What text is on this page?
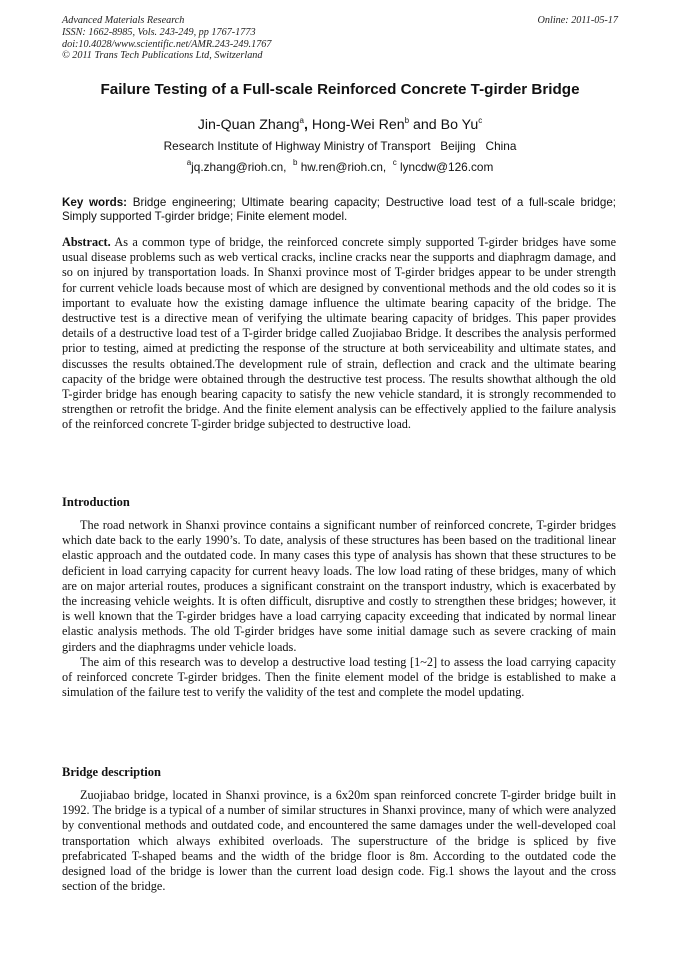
Advanced Materials Research
ISSN: 1662-8985, Vols. 243-249, pp 1767-1773
doi:10.4028/www.scientific.net/AMR.243-249.1767
© 2011 Trans Tech Publications Ltd, Switzerland
Online: 2011-05-17
Failure Testing of a Full-scale Reinforced Concrete T-girder Bridge
Jin-Quan Zhang$^a$, Hong-Wei Ren$^b$ and Bo Yu$^c$
Research Institute of Highway Ministry of Transport   Beijing   China
$^a$jq.zhang@rioh.cn, $^b$ hw.ren@rioh.cn, $^c$ lyncdw@126.com
Key words: Bridge engineering; Ultimate bearing capacity; Destructive load test of a full-scale bridge; Simply supported T-girder bridge; Finite element model.
Abstract. As a common type of bridge, the reinforced concrete simply supported T-girder bridges have some usual disease problems such as web vertical cracks, incline cracks near the supports and diaphragm damage, and so on injured by transportation loads. In Shanxi province most of T-girder bridges appear to be under strength for current vehicle loads because most of which are designed by conventional methods and the old codes so it is important to evaluate how the existing damage influence the ultimate bearing capacity of the bridge. The destructive test is a directive mean of verifying the ultimate bearing capacity of bridges. This paper provides details of a destructive load test of a T-girder bridge called Zuojiabao Bridge. It describes the analysis performed prior to testing, aimed at predicting the response of the structure at both serviceability and ultimate states, and discusses the results obtained.The development rule of strain, deflection and crack and the ultimate bearing capacity of the bridge were obtained through the destructive test process. The results showthat although the old T-girder bridge has enough bearing capacity to satisfy the new vehicle standard, it is strongly recommended to strengthen or retrofit the bridge. And the finite element analysis can be effectively applied to the failure analysis of the reinforced concrete T-girder bridge subjected to destructive load.
Introduction

The road network in Shanxi province contains a significant number of reinforced concrete, T-girder bridges which date back to the early 1990’s. To date, analysis of these structures has been based on the traditional linear elastic approach and the outdated code. In many cases this type of analysis has shown that these structures to be deficient in load carrying capacity for current heavy loads. The low load rating of these bridges, many of which are on major arterial routes, produces a significant constraint on the transport industry, which is exacerbated by the increasing vehicle weights. It is often difficult, disruptive and costly to strengthen these bridges; however, it is well known that the T-girder bridges have a load carrying capacity exceeding that indicated by normal linear elastic analysis methods. The old T-girder bridges have some initial damage such as severe cracking of main girders and the diaphragms under vehicle loads.

The aim of this research was to develop a destructive load testing [1~2] to assess the load carrying capacity of reinforced concrete T-girder bridges. Then the finite element model of the bridge is established to make a simulation of the failure test to verify the validity of the test and complete the model updating.

Bridge description

Zuojiabao bridge, located in Shanxi province, is a 6x20m span reinforced concrete T-girder bridge built in 1992. The bridge is a typical of a number of similar structures in Shanxi province, many of which were analyzed by conventional methods and outdated code, and encountered the same damages under the well-developed coal transportation which always exhibited overloads. The superstructure of the bridge is spliced by five prefabricated T-shaped beams and the width of the bridge floor is 8m. According to the outdated code the designed load of the bridge is lower than the current load design code. Fig.1 shows the layout and the cross section of the bridge.
